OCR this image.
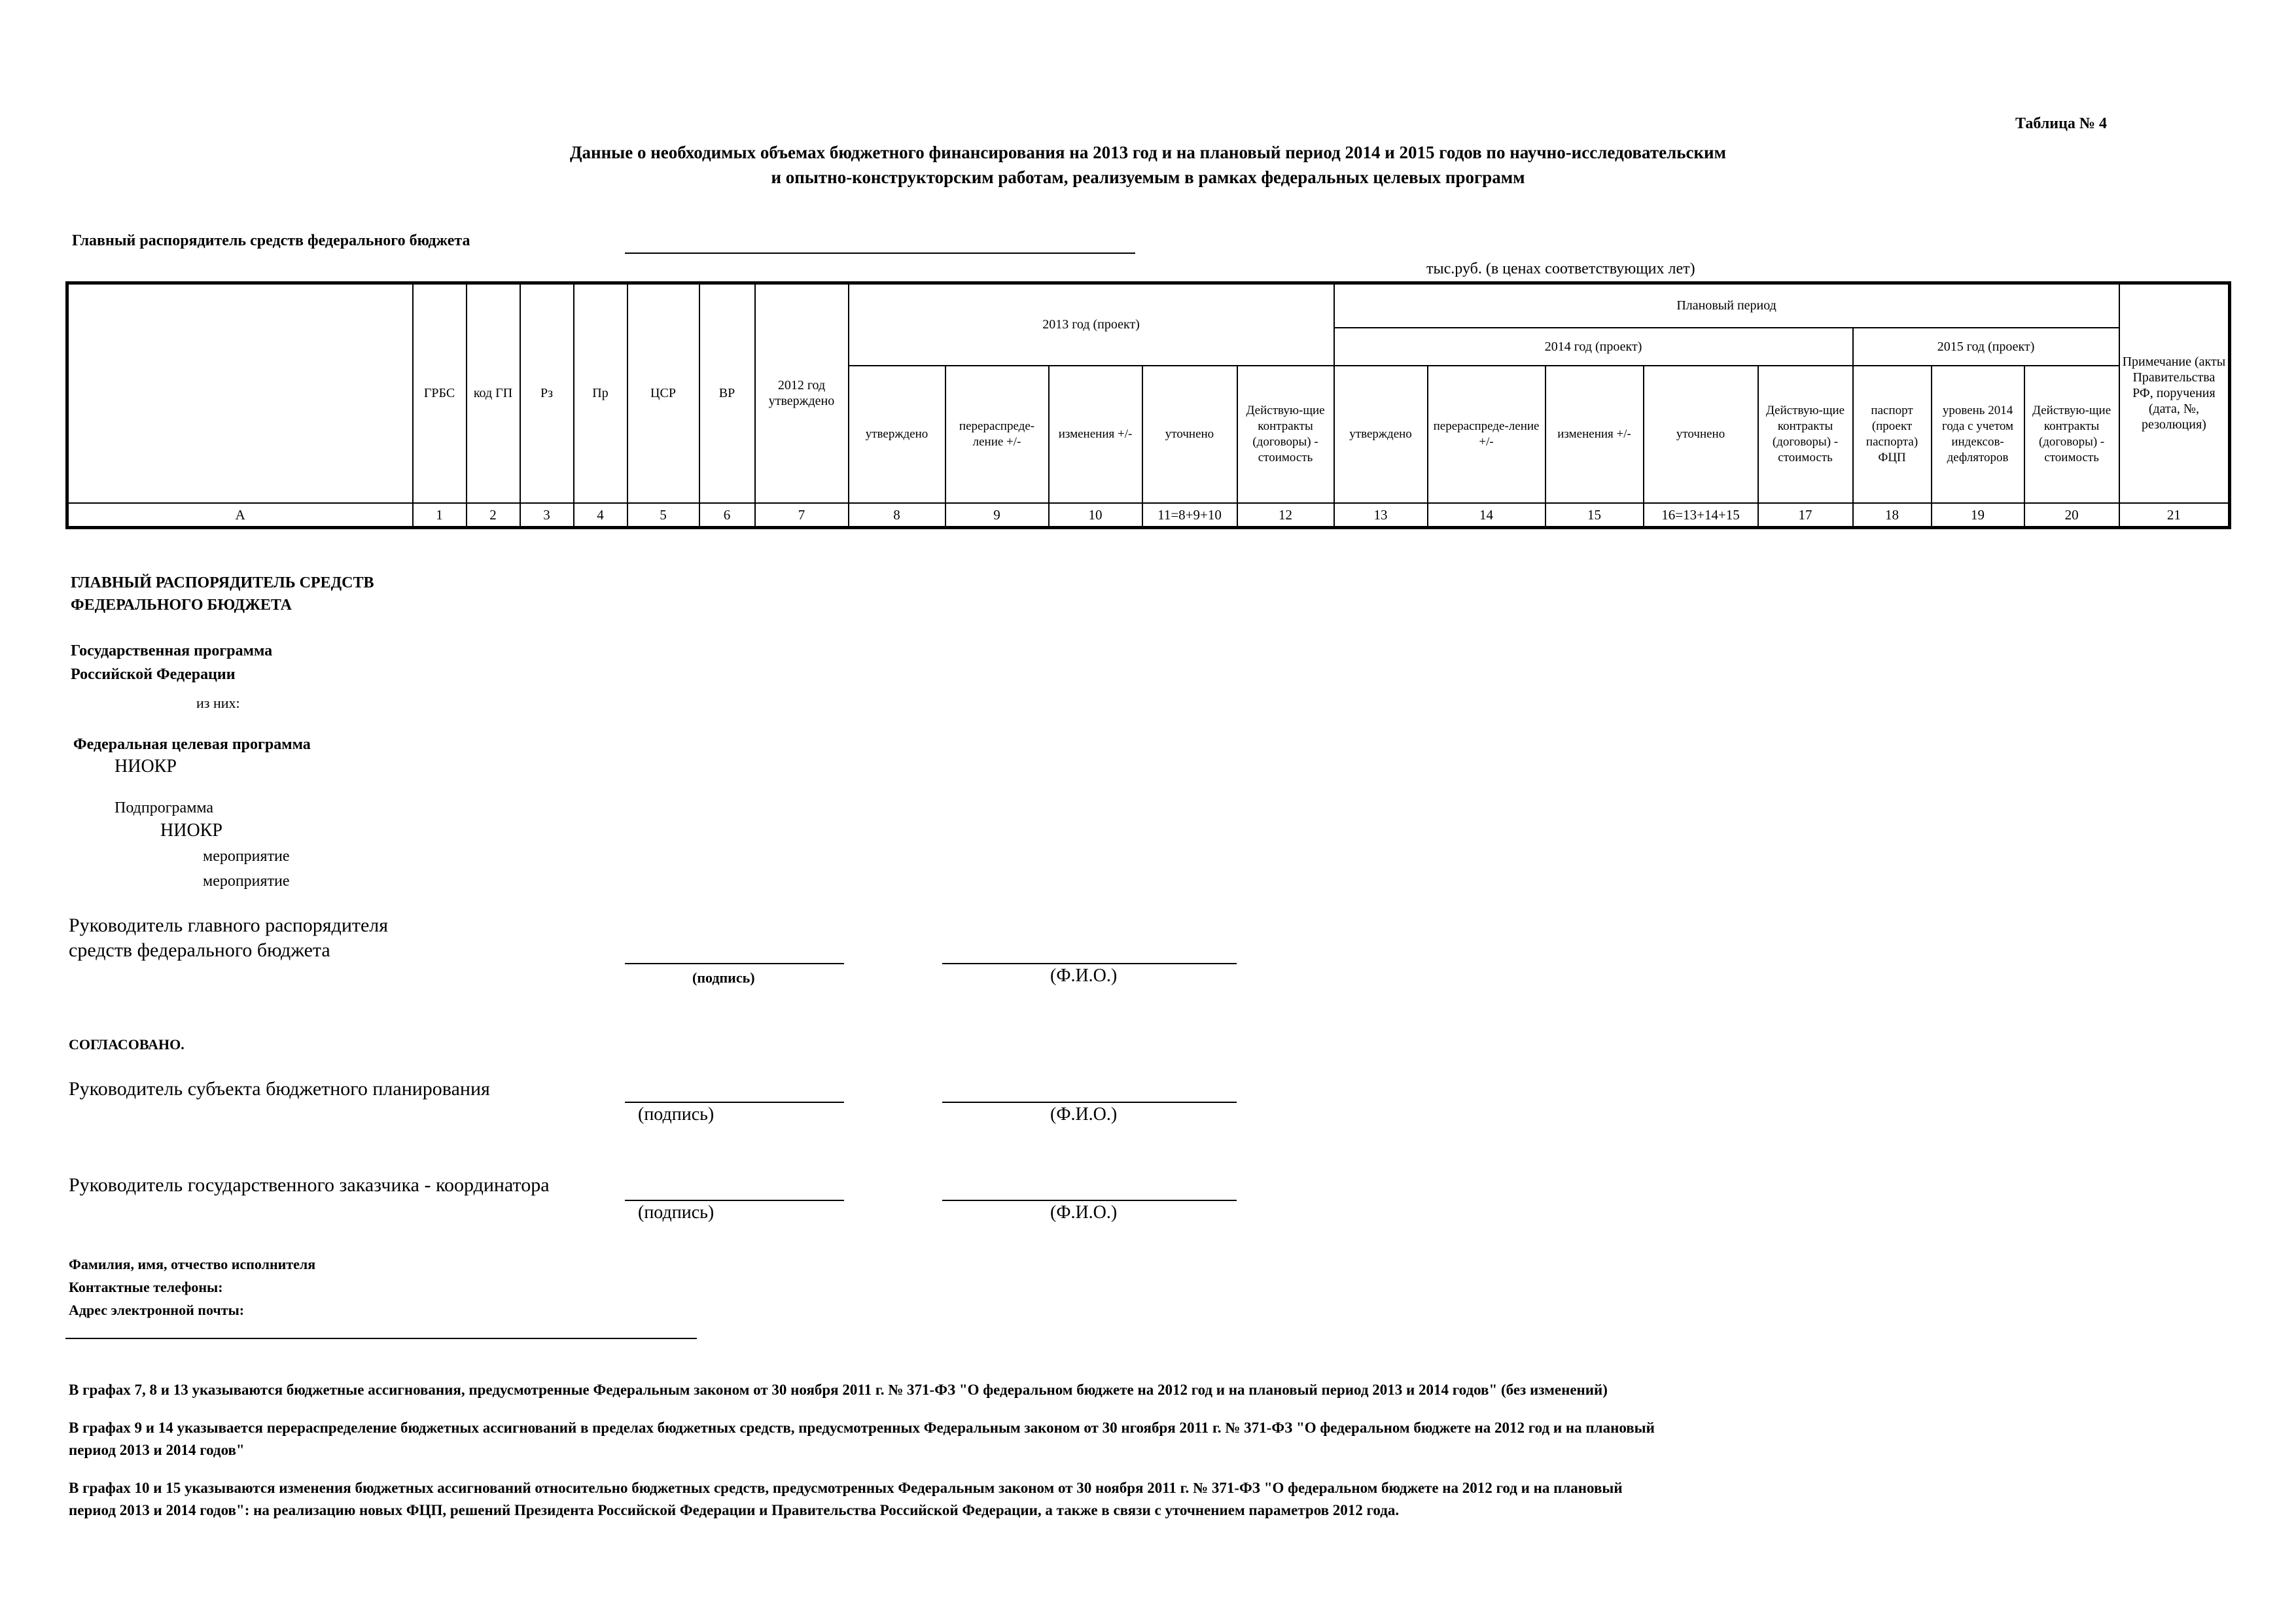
Таблица № 4
Данные о необходимых объемах бюджетного финансирования на 2013 год и на плановый период 2014 и 2015 годов по научно-исследовательским
и опытно-конструкторским работам, реализуемым в рамках федеральных целевых программ
Главный распорядитель средств федерального бюджета
тыс.руб. (в ценах соответствующих лет)
	ГРБС	код ГП	Рз	Пр	ЦСР	ВР	2012 год утверждено	2013 год (проект)					Плановый период								Примечание (акты Правительства РФ, поручения (дата, №, резолюция)
													2014 год (проект)					2015 год (проект)			
								утверждено	перераспреде-ление +/-	изменения +/-	уточнено	Действую-щие контракты (договоры) - стоимость	утверждено	перераспреде-ление +/-	изменения +/-	уточнено	Действую-щие контракты (договоры) - стоимость	паспорт (проект паспорта) ФЦП	уровень 2014 года с учетом индексов-дефляторов	Действую-щие контракты (договоры) - стоимость	
А	1	2	3	4	5	6	7	8	9	10	11=8+9+10	12	13	14	15	16=13+14+15	17	18	19	20	21
ГЛАВНЫЙ РАСПОРЯДИТЕЛЬ СРЕДСТВ
ФЕДЕРАЛЬНОГО БЮДЖЕТА
Государственная программа
Российской Федерации
из них:
Федеральная целевая программа
НИОКР
Подпрограмма
НИОКР
мероприятие
мероприятие
Руководитель главного распорядителя
средств федерального бюджета
(подпись)	(Ф.И.О.)
СОГЛАСОВАНО.
Руководитель субъекта бюджетного планирования
(подпись)	(Ф.И.О.)
Руководитель государственного заказчика - координатора
(подпись)	(Ф.И.О.)
Фамилия, имя, отчество исполнителя
Контактные телефоны:
Адрес электронной почты:
В графах 7, 8 и 13 указываются бюджетные ассигнования, предусмотренные Федеральным законом от 30 ноября 2011 г. № 371-ФЗ "О федеральном бюджете на 2012 год и на плановый период 2013 и 2014 годов" (без изменений)
В графах 9 и 14 указывается перераспределение бюджетных ассигнований в пределах бюджетных средств, предусмотренных Федеральным законом от 30 нгоября 2011 г. № 371-ФЗ "О федеральном бюджете на 2012 год и на плановый
период 2013 и 2014 годов"
В графах 10 и 15 указываются изменения бюджетных ассигнований относительно бюджетных средств, предусмотренных Федеральным законом от 30 ноября 2011 г. № 371-ФЗ "О федеральном бюджете на 2012 год и на плановый
период 2013 и 2014 годов": на реализацию новых ФЦП, решений Президента Российской Федерации и Правительства Российской Федерации, а также в связи с уточнением параметров 2012 года.
